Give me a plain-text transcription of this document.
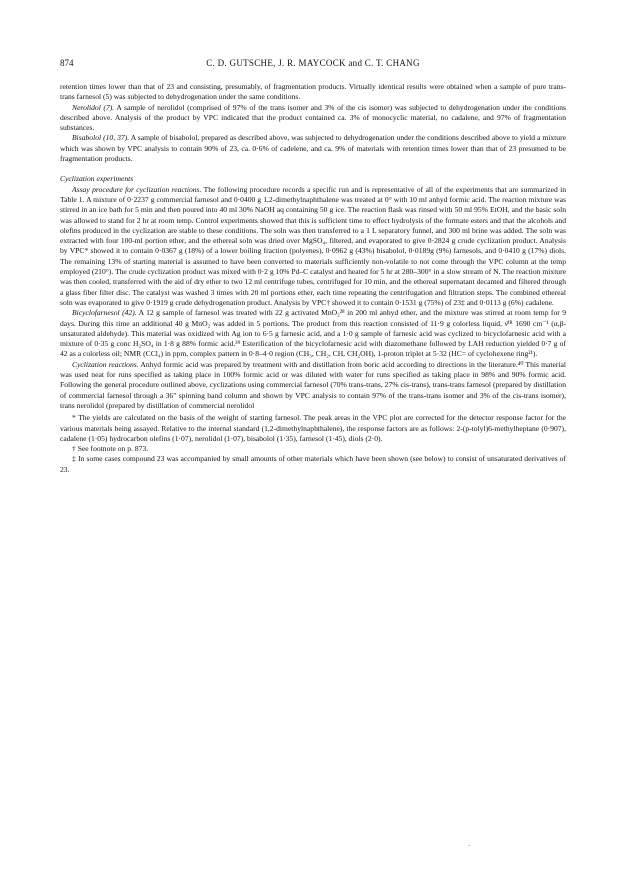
874	C. D. GUTSCHE, J. R. MAYCOCK and C. T. CHANG

retention times lower than that of 23 and consisting, presumably, of fragmentation products. Virtually identical results were obtained when a sample of pure trans-trans farnesol (5) was subjected to dehydrogenation under the same conditions.

Nerolidol (7). A sample of nerolidol (comprised of 97% of the trans isomer and 3% of the cis isomer) was subjected to dehydrogenation under the conditions described above. Analysis of the product by VPC indicated that the product contained ca. 3% of monocyclic material, no cadalene, and 97% of fragmentation substances.

Bisabolol (10, 37). A sample of bisabolol, prepared as described above, was subjected to dehydrogenation under the conditions described above to yield a mixture which was shown by VPC analysis to contain 90% of 23, ca. 0·6% of cadelene, and ca. 9% of materials with retention times lower than that of 23 presumed to be fragmentation products.

Cyclization experiments

Assay procedure for cyclization reactions. The following procedure records a specific run and is representative of all of the experiments that are summarized in Table 1. A mixture of 0·2237 g commercial farnesol and 0·0400 g 1,2-dimethylnaphthalene was treated at 0° with 10 ml anhyd formic acid. The reaction mixture was stirred in an ice bath for 5 min and then poured into 40 ml 30% NaOH aq containing 50 g ice. The reaction flask was rinsed with 50 ml 95% EtOH, and the basic soln was allowed to stand for 2 hr at room temp. Control experiments showed that this is sufficient time to effect hydrolysis of the formate esters and that the alcohols and olefins produced in the cyclization are stable to these conditions. The soln was then transferred to a 1 L separatory funnel, and 300 ml brine was added. The soln was extracted with four 100-ml portion ether, and the ethereal soln was dried over MgSO₄, filtered, and evaporated to give 0·2824 g crude cyclization product. Analysis by VPC* showed it to contain 0·0367 g (18%) of a lower boiling fraction (polyenes), 0·0962 g (43%) bisabolol, 0·0189g (9%) farnesols, and 0·0410 g (17%) diols. The remaining 13% of starting material is assumed to have been converted to materials sufficiently non-volatile to not come through the VPC column at the temp employed (210°). The crude cyclization product was mixed with 0·2 g 10% Pd–C catalyst and heated for 5 hr at 280–300° in a slow stream of N. The reaction mixture was then cooled, transferred with the aid of dry ether to two 12 ml centrifuge tubes, centrifuged for 10 min, and the ethereal supernatant decanted and filtered through a glass fiber filter disc. The catalyst was washed 3 times with 20 ml portions ether, each time repeating the centrifugation and filtration steps. The combined ethereal soln was evaporated to give 0·1919 g crude dehydrogenation product. Analysis by VPC† showed it to contain 0·1531 g (75%) of 23‡ and 0·0113 g (6%) cadalene.

Bicyclofarnesol (42). A 12 g sample of farnesol was treated with 22 g activated MnO₂²⁸ in 200 ml anhyd ether, and the mixture was stirred at room temp for 9 days. During this time an additional 40 g MnO₂ was added in 5 portions. The product from this reaction consisted of 11·9 g colorless liquid, ν̄ᴵᴿ 1690 cm⁻¹ (α,β-unsaturated aldehyde). This material was oxidized with Ag ion to 6·5 g farnesic acid, and a 1·0 g sample of farnesic acid was cyclized to bicyclofarnesic acid with a mixture of 0·35 g conc H₂SO₄ in 1·8 g 88% formic acid.³⁹ Esterification of the bicyclofarnesic acid with diazomethane followed by LAH reduction yielded 0·7 g of 42 as a colorless oil; NMR (CCl₄) in ppm, complex pattern in 0·8–4·0 region (CH₃, CH₂, CH, CH₂OH), 1-proton triplet at 5·32 (HC= of cyclohexene ring²¹).

Cyclization reactions. Anhyd formic acid was prepared by treatment with and distillation from boric acid according to directions in the literature.⁴⁰ This material was used neat for runs specified as taking place in 100% formic acid or was diluted with water for runs specified as taking place in 98% and 90% formic acid. Following the general procedure outlined above, cyclizations using commercial farnesol (70% trans-trans, 27% cis-trans), trans-trans farnesol (prepared by distillation of commercial farnesol through a 36" spinning band column and shown by VPC analysis to contain 97% of the trans-trans isomer and 3% of the cis-trans isomer), trans nerolidol (prepared by distillation of commercial nerolidol

* The yields are calculated on the basis of the weight of starting farnesol. The peak areas in the VPC plot are corrected for the detector response factor for the various materials being assayed. Relative to the internal standard (1,2-dimethylnaphthalene), the response factors are as follows: 2-(p-tolyl)6-methylheptane (0·907), cadalene (1·05) hydrocarbon olefins (1·07), nerolidol (1·07), bisabolol (1·35), farnesol (1·45), diols (2·0).

† See footnote on p. 873.

‡ In some cases compound 23 was accompanied by small amounts of other materials which have been shown (see below) to consist of unsaturated derivatives of 23.

·
